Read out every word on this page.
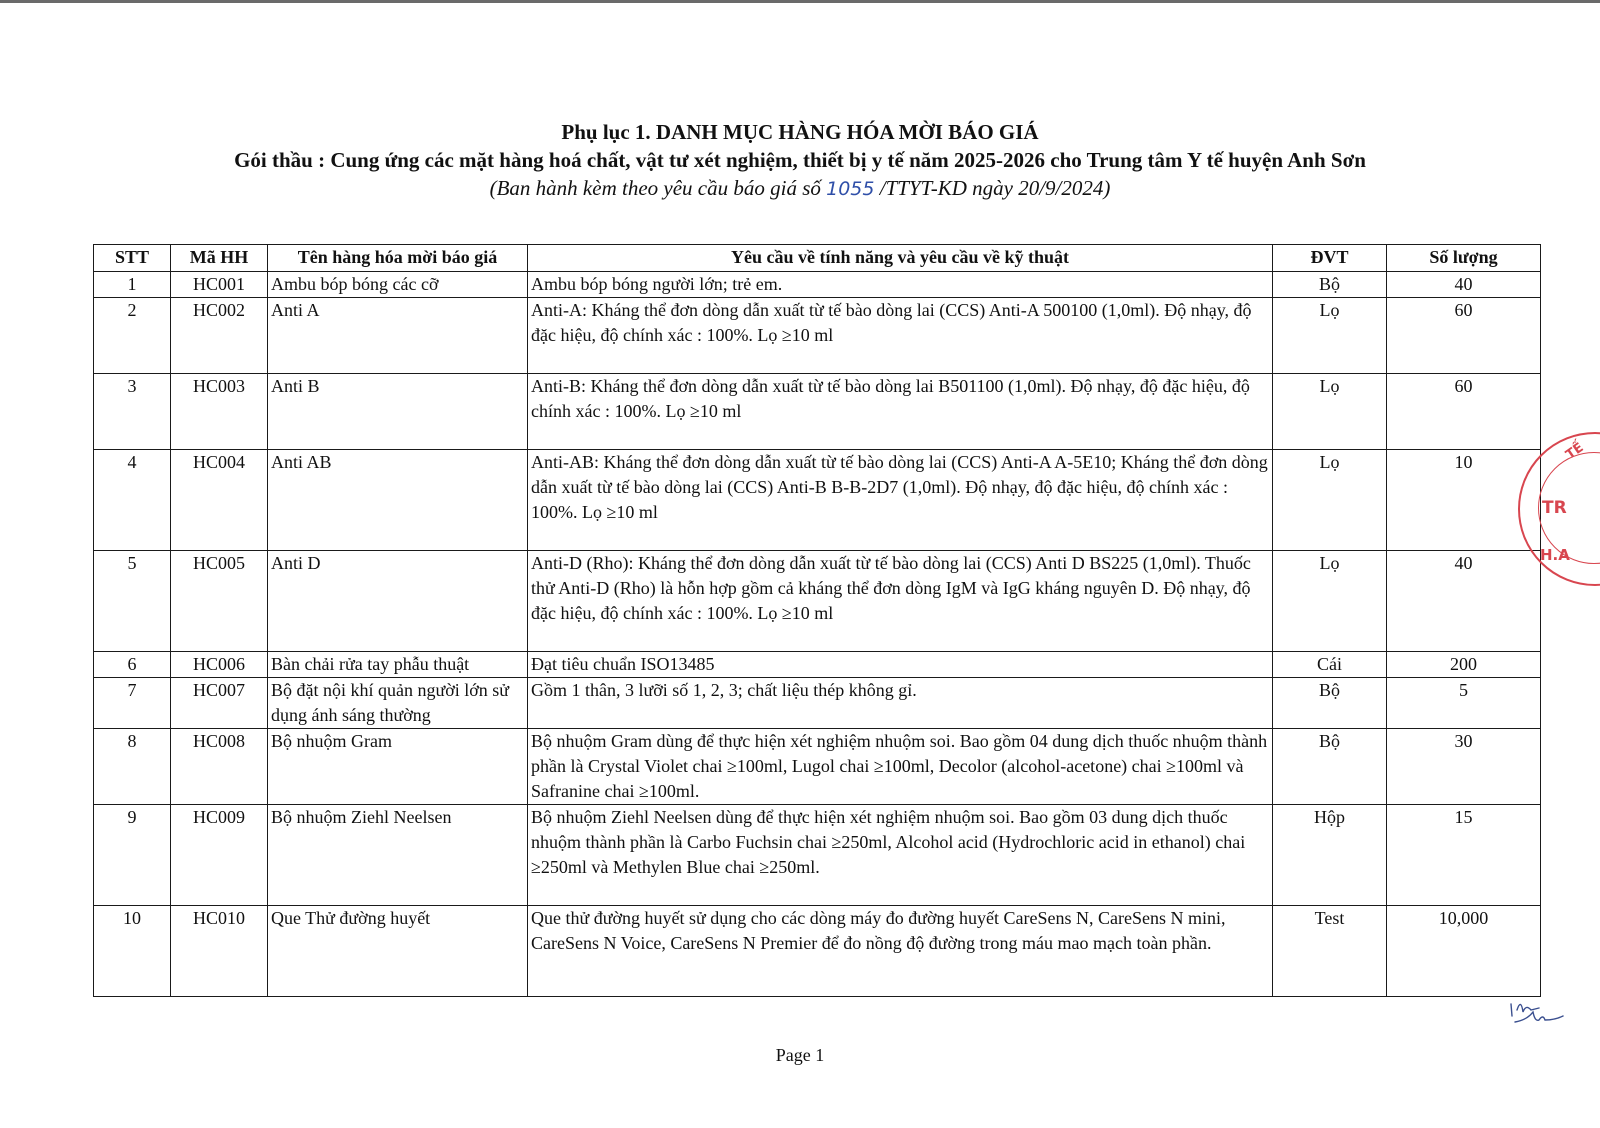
Phụ lục 1. DANH MỤC HÀNG HÓA MỜI BÁO GIÁ
Gói thầu : Cung ứng các mặt hàng hoá chất, vật tư xét nghiệm, thiết bị y tế năm 2025-2026 cho Trung tâm Y tế huyện Anh Sơn
(Ban hành kèm theo yêu cầu báo giá số 1055 /TTYT-KD ngày 20/9/2024)
STT	Mã HH	Tên hàng hóa mời báo giá	Yêu cầu về tính năng và yêu cầu về kỹ thuật	ĐVT	Số lượng
1	HC001	Ambu bóp bóng các cỡ	Ambu bóp bóng người lớn; trẻ em.	Bộ	40
2	HC002	Anti A	Anti-A: Kháng thể đơn dòng dẫn xuất từ tế bào dòng lai (CCS) Anti-A 500100 (1,0ml). Độ nhạy, độ đặc hiệu, độ chính xác : 100%. Lọ ≥10 ml	Lọ	60
3	HC003	Anti B	Anti-B: Kháng thể đơn dòng dẫn xuất từ tế bào dòng lai B501100 (1,0ml). Độ nhạy, độ đặc hiệu, độ chính xác : 100%. Lọ ≥10 ml	Lọ	60
4	HC004	Anti AB	Anti-AB: Kháng thể đơn dòng dẫn xuất từ tế bào dòng lai (CCS) Anti-A A-5E10; Kháng thể đơn dòng dẫn xuất từ tế bào dòng lai (CCS) Anti-B B-B-2D7 (1,0ml). Độ nhạy, độ đặc hiệu, độ chính xác : 100%. Lọ ≥10 ml	Lọ	10
5	HC005	Anti D	Anti-D (Rho): Kháng thể đơn dòng dẫn xuất từ tế bào dòng lai (CCS) Anti D BS225 (1,0ml). Thuốc thử Anti-D (Rho) là hỗn hợp gồm cả kháng thể đơn dòng IgM và IgG kháng nguyên D. Độ nhạy, độ đặc hiệu, độ chính xác : 100%. Lọ ≥10 ml	Lọ	40
6	HC006	Bàn chải rửa tay phẫu thuật	Đạt tiêu chuẩn ISO13485	Cái	200
7	HC007	Bộ đặt nội khí quản người lớn sử dụng ánh sáng thường	Gồm 1 thân, 3 lưỡi số 1, 2, 3; chất liệu thép không gỉ.	Bộ	5
8	HC008	Bộ nhuộm Gram	Bộ nhuộm Gram dùng để thực hiện xét nghiệm nhuộm soi. Bao gồm 04 dung dịch thuốc nhuộm thành phần là Crystal Violet chai ≥100ml, Lugol chai ≥100ml, Decolor (alcohol-acetone) chai ≥100ml và Safranine chai ≥100ml.	Bộ	30
9	HC009	Bộ nhuộm Ziehl Neelsen	Bộ nhuộm Ziehl Neelsen dùng để thực hiện xét nghiệm nhuộm soi. Bao gồm 03 dung dịch thuốc nhuộm thành phần là Carbo Fuchsin chai ≥250ml, Alcohol acid (Hydrochloric acid in ethanol) chai ≥250ml và Methylen Blue chai ≥250ml.	Hộp	15
10	HC010	Que Thử đường huyết	Que thử đường huyết sử dụng cho các dòng máy đo đường huyết CareSens N, CareSens N mini, CareSens N Voice, CareSens N Premier để đo nồng độ đường trong máu mao mạch toàn phần.	Test	10,000
Page 1
TẾ
TR
H.A
